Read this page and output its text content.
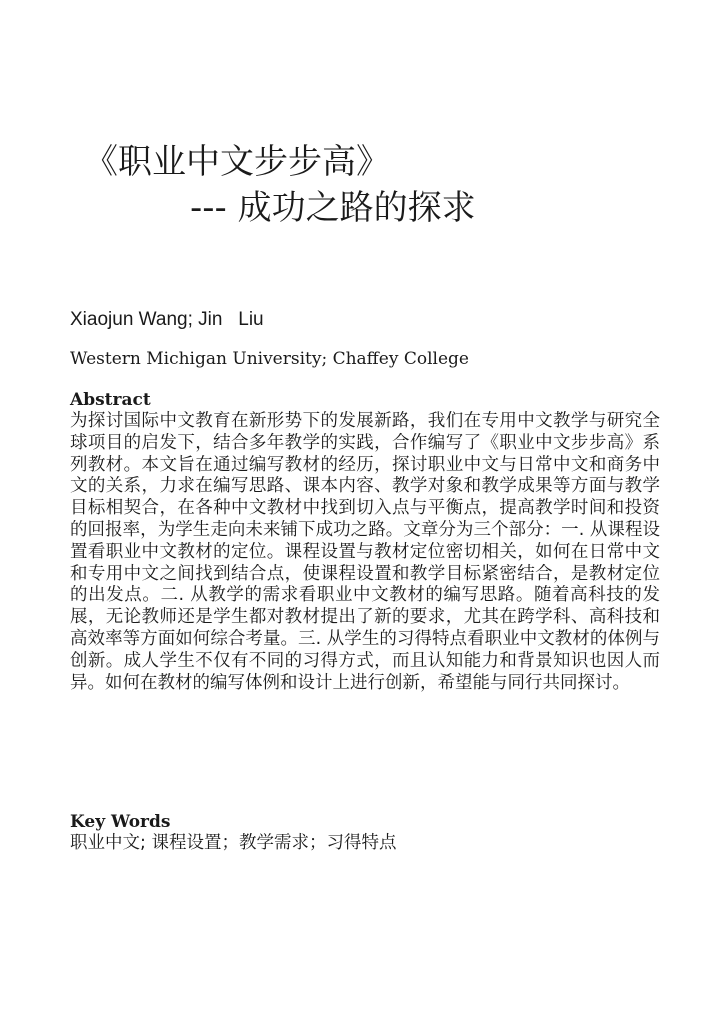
《职业中文步步高》
--- 成功之路的探求
Xiaojun Wang; Jin   Liu
Western Michigan University; Chaffey College
Abstract
为探讨国际中文教育在新形势下的发展新路，我们在专用中文教学与研究全球项目的启发下，结合多年教学的实践，合作编写了《职业中文步步高》系列教材。本文旨在通过编写教材的经历，探讨职业中文与日常中文和商务中文的关系，力求在编写思路、课本内容、教学对象和教学成果等方面与教学目标相契合，在各种中文教材中找到切入点与平衡点，提高教学时间和投资的回报率，为学生走向未来铺下成功之路。文章分为三个部分：一. 从课程设置看职业中文教材的定位。课程设置与教材定位密切相关，如何在日常中文和专用中文之间找到结合点，使课程设置和教学目标紧密结合，是教材定位的出发点。二. 从教学的需求看职业中文教材的编写思路。随着高科技的发展，无论教师还是学生都对教材提出了新的要求，尤其在跨学科、高科技和高效率等方面如何综合考量。三. 从学生的习得特点看职业中文教材的体例与创新。成人学生不仅有不同的习得方式，而且认知能力和背景知识也因人而异。如何在教材的编写体例和设计上进行创新，希望能与同行共同探讨。
Key Words
职业中文; 课程设置；教学需求；习得特点
